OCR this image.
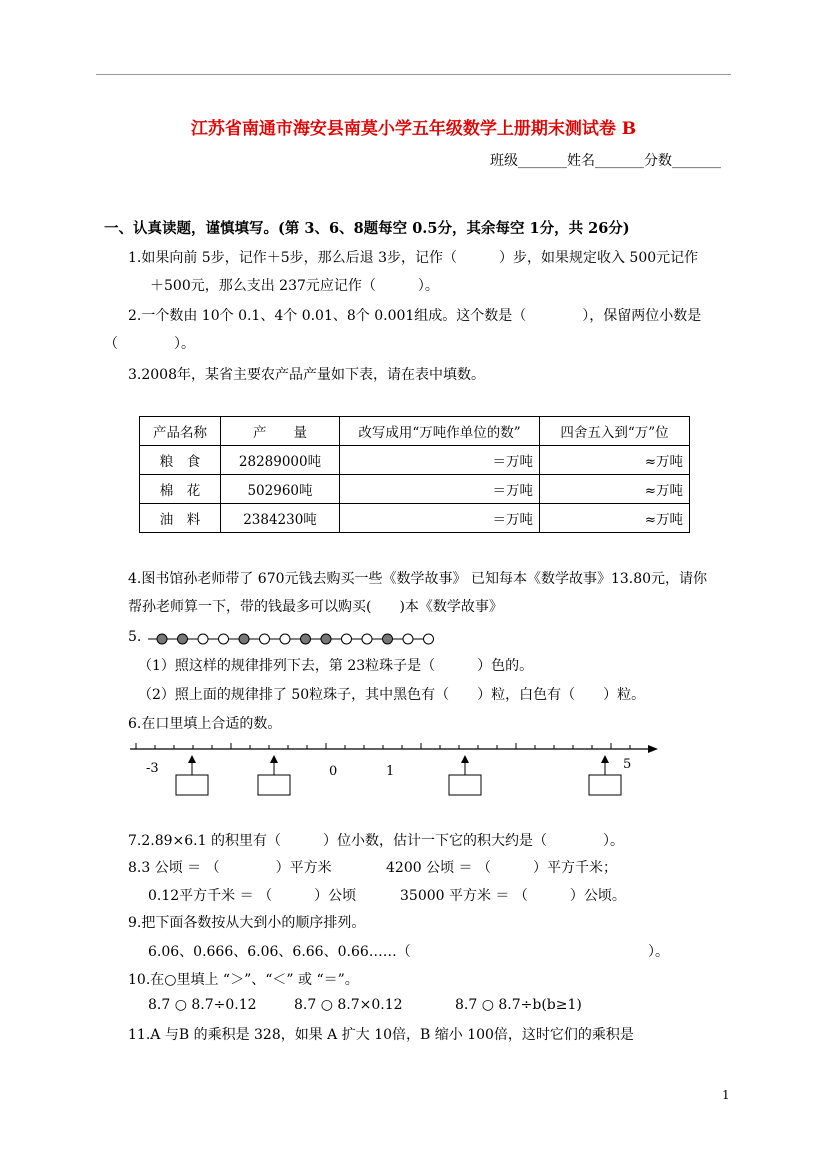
江苏省南通市海安县南莫小学五年级数学上册期末测试卷 B
班级_______姓名_______分数_______
一、认真读题，谨慎填写。(第 3、6、8题每空 0.5分，其余每空 1分，共 26分)
1.如果向前 5步，记作＋5步，那么后退 3步，记作（　　　）步，如果规定收入 500元记作
＋500元，那么支出 237元应记作（　　　）。
2.一个数由 10个 0.1、4个 0.01、8个 0.001组成。这个数是（　　　　），保留两位小数是
（　　　　）。
3.2008年，某省主要农产品产量如下表，请在表中填数。
产品名称	产　　量	改写成用“万吨作单位的数”	四舍五入到“万”位
粮　食	28289000吨	＝万吨	≈万吨
棉　花	502960吨	＝万吨	≈万吨
油　料	2384230吨	＝万吨	≈万吨
4.图书馆孙老师带了 670元钱去购买一些《数学故事》 已知每本《数学故事》13.80元，请你
帮孙老师算一下，带的钱最多可以购买(　　)本《数学故事》
5.
（1）照这样的规律排列下去，第 23粒珠子是（　　　）色的。
（2）照上面的规律排了 50粒珠子，其中黑色有（　　）粒，白色有（　　）粒。
6.在口里填上合适的数。
-3	0	1	5
7.2.89×6.1 的积里有（　　　）位小数，估计一下它的积大约是（　　　　）。
8.3 公顷 ＝ （　　　　）平方米	4200 公顷 ＝ （　　　）平方千米；
0.12平方千米 ＝ （　　　）公顷	35000 平方米 ＝ （　　　）公顷。
9.把下面各数按从大到小的顺序排列。
6.06、0.666、6.06、6.66、0.66……（	）。
10.在○里填上 “＞”、“＜” 或 “＝”。
8.7 ○ 8.7÷0.12	8.7 ○ 8.7×0.12	8.7 ○ 8.7÷b(b≥1)
11.A 与B 的乘积是 328，如果 A 扩大 10倍，B 缩小 100倍，这时它们的乘积是
1
